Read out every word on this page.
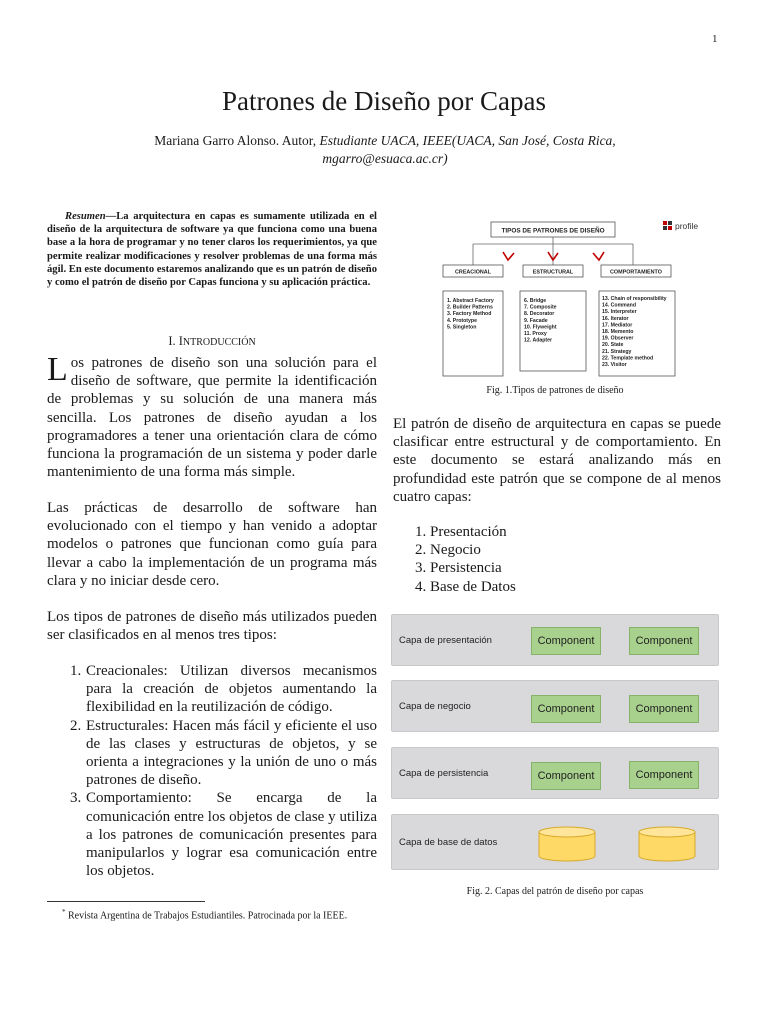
1
Patrones de Diseño por Capas
Mariana Garro Alonso. Autor, Estudiante UACA, IEEE(UACA, San José, Costa Rica,
mgarro@esuaca.ac.cr)
Resumen—La arquitectura en capas es sumamente utilizada en el diseño de la arquitectura de software ya que funciona como una buena base a la hora de programar y no tener claros los requerimientos, ya que permite realizar modificaciones y resolver problemas de una forma más ágil. En este documento estaremos analizando que es un patrón de diseño y como el patrón de diseño por Capas funciona y su aplicación práctica.
I. INTRODUCCIÓN
Los patrones de diseño son una solución para el diseño de software, que permite la identificación de problemas y su solución de una manera más sencilla. Los patrones de diseño ayudan a los programadores a tener una orientación clara de cómo funciona la programación de un sistema y poder darle mantenimiento de una forma más simple.
Las prácticas de desarrollo de software han evolucionado con el tiempo y han venido a adoptar modelos o patrones que funcionan como guía para llevar a cabo la implementación de un programa más clara y no iniciar desde cero.
Los tipos de patrones de diseño más utilizados pueden ser clasificados en al menos tres tipos:
1. Creacionales: Utilizan diversos mecanismos para la creación de objetos aumentando la flexibilidad en la reutilización de código.
2. Estructurales: Hacen más fácil y eficiente el uso de las clases y estructuras de objetos, y se orienta a integraciones y la unión de uno o más patrones de diseño.
3. Comportamiento: Se encarga de la comunicación entre los objetos de clase y utiliza a los patrones de comunicación presentes para manipularlos y lograr esa comunicación entre los objetos.
* Revista Argentina de Trabajos Estudiantiles. Patrocinada por la IEEE.
TIPOS DE PATRONES DE DISEÑO	profile
CREACIONAL	ESTRUCTURAL	COMPORTAMIENTO
1. Abstract Factory
2. Builder Patterns
3. Factory Method
4. Prototype
5. Singleton
6. Bridge
7. Composite
8. Decorator
9. Facade
10. Flyweight
11. Proxy
12. Adapter
13. Chain of responsibility
14. Command
15. Interpreter
16. Iterator
17. Mediator
18. Memento
19. Observer
20. State
21. Strategy
22. Template method
23. Visitor
Fig. 1.Tipos de patrones de diseño
El patrón de diseño de arquitectura en capas se puede clasificar entre estructural y de comportamiento. En este documento se estará analizando más en profundidad este patrón que se compone de al menos cuatro capas:
1. Presentación
2. Negocio
3. Persistencia
4. Base de Datos
Capa de presentación	Component	Component
Capa de negocio	Component	Component
Capa de persistencia	Component	Component
Capa de base de datos
Fig. 2. Capas del patrón de diseño por capas
